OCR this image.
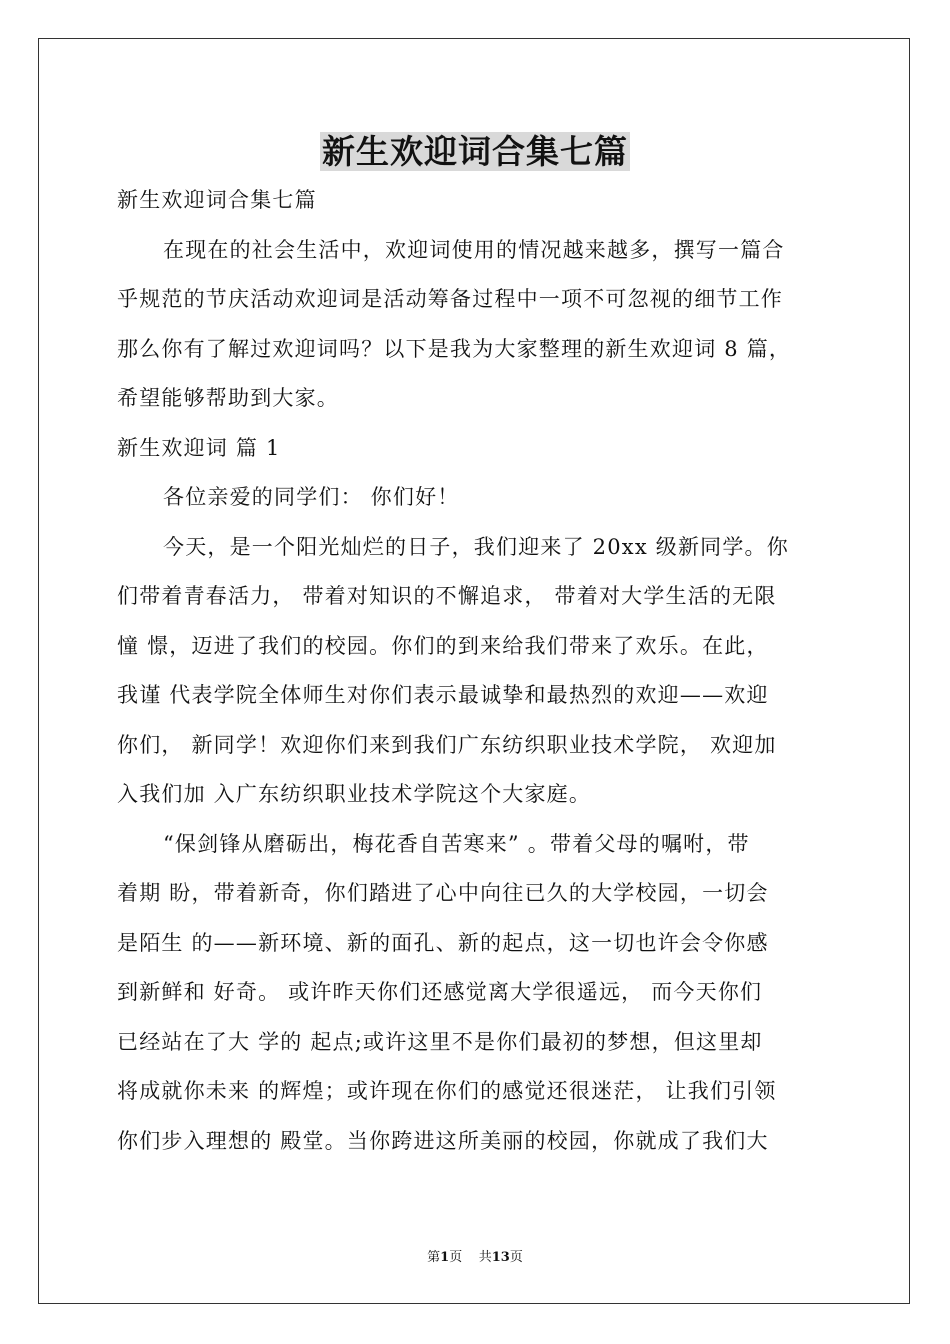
新生欢迎词合集七篇
新生欢迎词合集七篇
在现在的社会生活中，欢迎词使用的情况越来越多，撰写一篇合
乎规范的节庆活动欢迎词是活动筹备过程中一项不可忽视的细节工作
那么你有了解过欢迎词吗？以下是我为大家整理的新生欢迎词 8 篇，
希望能够帮助到大家。
新生欢迎词 篇 1
各位亲爱的同学们： 你们好！
今天，是一个阳光灿烂的日子，我们迎来了 20xx 级新同学。你
们带着青春活力， 带着对知识的不懈追求， 带着对大学生活的无限
憧 憬，迈进了我们的校园。你们的到来给我们带来了欢乐。在此，
我谨 代表学院全体师生对你们表示最诚挚和最热烈的欢迎——欢迎
你们， 新同学！欢迎你们来到我们广东纺织职业技术学院， 欢迎加
入我们加 入广东纺织职业技术学院这个大家庭。
“保剑锋从磨砺出，梅花香自苦寒来” 。带着父母的嘱咐，带
着期 盼，带着新奇，你们踏进了心中向往已久的大学校园，一切会
是陌生 的——新环境、新的面孔、新的起点，这一切也许会令你感
到新鲜和 好奇。 或许昨天你们还感觉离大学很遥远， 而今天你们
已经站在了大 学的 起点;或许这里不是你们最初的梦想，但这里却
将成就你未来 的辉煌；或许现在你们的感觉还很迷茫， 让我们引领
你们步入理想的 殿堂。当你跨进这所美丽的校园，你就成了我们大
第1页 共13页
